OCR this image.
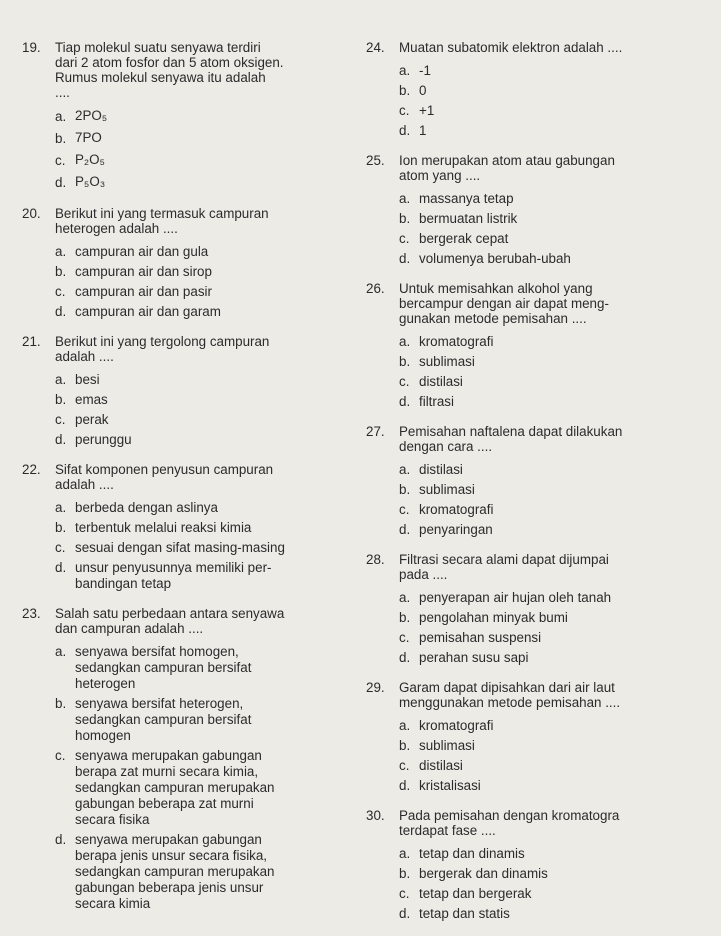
19.	Tiap molekul suatu senyawa terdiri
dari 2 atom fosfor dan 5 atom oksigen.
Rumus molekul senyawa itu adalah
....
a. 2PO₅
b. 7PO
c. P₂O₅
d. P₅O₃
20.	Berikut ini yang termasuk campuran
heterogen adalah ....
a. campuran air dan gula
b. campuran air dan sirop
c. campuran air dan pasir
d. campuran air dan garam
21.	Berikut ini yang tergolong campuran
adalah ....
a. besi
b. emas
c. perak
d. perunggu
22.	Sifat komponen penyusun campuran
adalah ....
a. berbeda dengan aslinya
b. terbentuk melalui reaksi kimia
c. sesuai dengan sifat masing-masing
d. unsur penyusunnya memiliki per-
bandingan tetap
23.	Salah satu perbedaan antara senyawa
dan campuran adalah ....
a. senyawa bersifat homogen,
sedangkan campuran bersifat
heterogen
b. senyawa bersifat heterogen,
sedangkan campuran bersifat
homogen
c. senyawa merupakan gabungan
berapa zat murni secara kimia,
sedangkan campuran merupakan
gabungan beberapa zat murni
secara fisika
d. senyawa merupakan gabungan
berapa jenis unsur secara fisika,
sedangkan campuran merupakan
gabungan beberapa jenis unsur
secara kimia
24.	Muatan subatomik elektron adalah ....
a. -1
b. 0
c. +1
d. 1
25.	Ion merupakan atom atau gabungan
atom yang ....
a. massanya tetap
b. bermuatan listrik
c. bergerak cepat
d. volumenya berubah-ubah
26.	Untuk memisahkan alkohol yang
bercampur dengan air dapat meng-
gunakan metode pemisahan ....
a. kromatografi
b. sublimasi
c. distilasi
d. filtrasi
27.	Pemisahan naftalena dapat dilakukan
dengan cara ....
a. distilasi
b. sublimasi
c. kromatografi
d. penyaringan
28.	Filtrasi secara alami dapat dijumpai
pada ....
a. penyerapan air hujan oleh tanah
b. pengolahan minyak bumi
c. pemisahan suspensi
d. perahan susu sapi
29.	Garam dapat dipisahkan dari air laut
menggunakan metode pemisahan ....
a. kromatografi
b. sublimasi
c. distilasi
d. kristalisasi
30.	Pada pemisahan dengan kromatogra
terdapat fase ....
a. tetap dan dinamis
b. bergerak dan dinamis
c. tetap dan bergerak
d. tetap dan statis
